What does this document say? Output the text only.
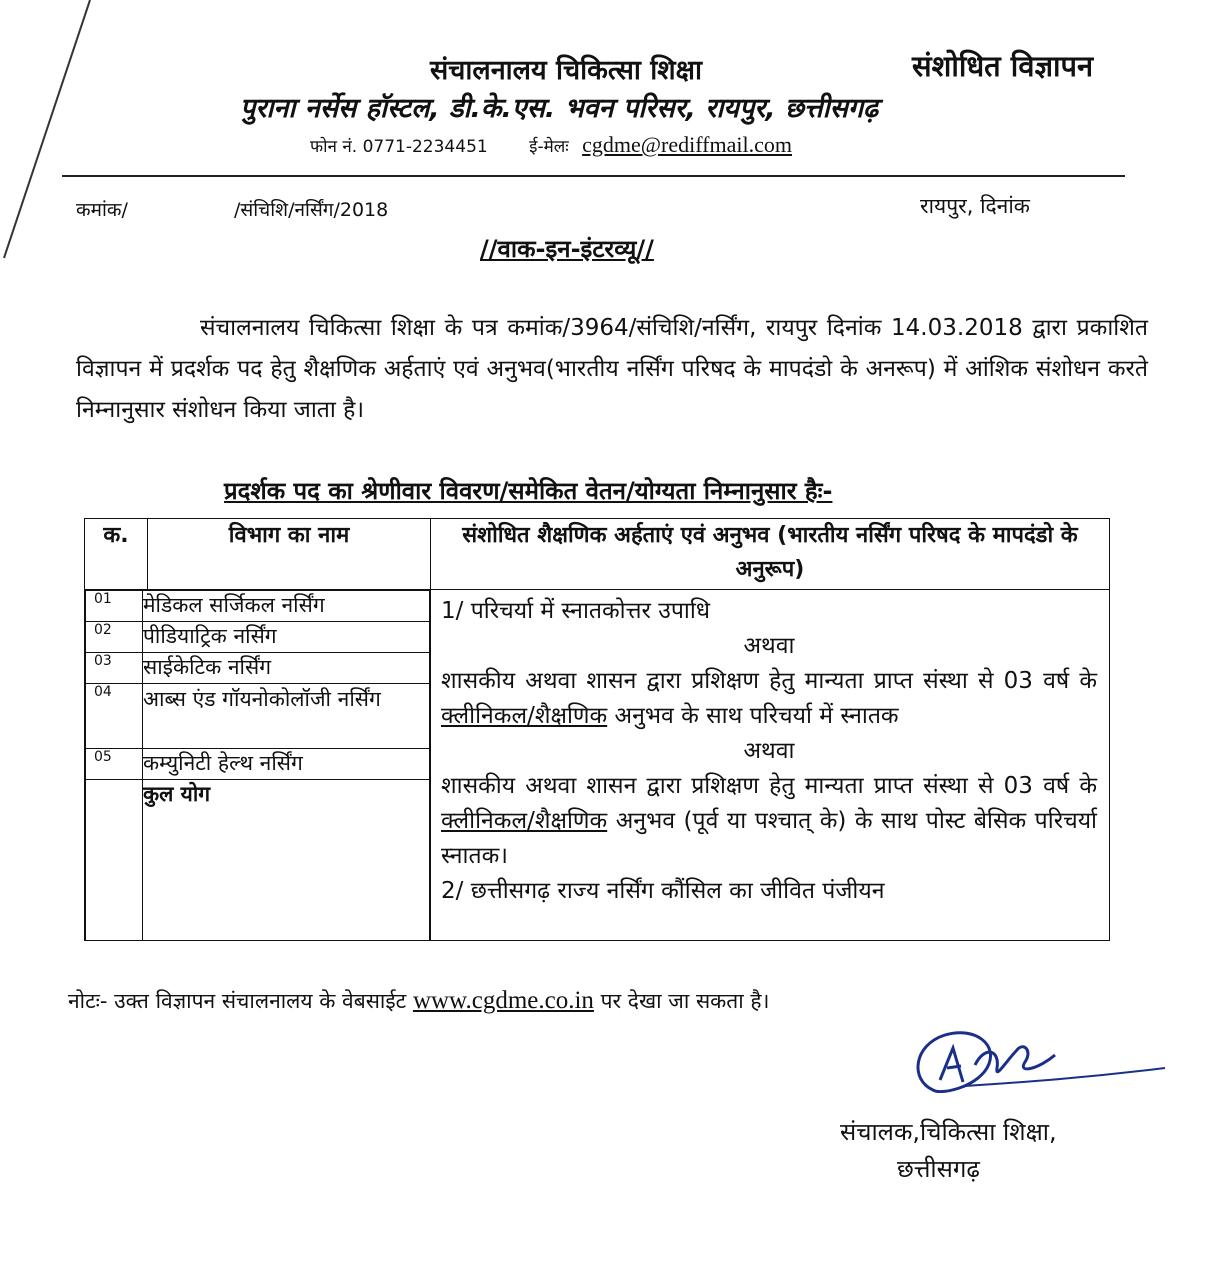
संचालनालय चिकित्सा शिक्षा	संशोधित विज्ञापन
पुराना नर्सेस हॉस्टल, डी.के.एस. भवन परिसर, रायपुर, छत्तीसगढ़
फोन नं. 0771-2234451 ई-मेलः cgdme@rediffmail.com
कमांक/	/संचिशि/नर्सिंग/2018	रायपुर, दिनांक
//वाक-इन-इंटरव्यू//

संचालनालय चिकित्सा शिक्षा के पत्र कमांक/3964/संचिशि/नर्सिंग, रायपुर दिनांक 14.03.2018 द्वारा प्रकाशित विज्ञापन में प्रदर्शक पद हेतु शैक्षणिक अर्हताएं एवं अनुभव(भारतीय नर्सिंग परिषद के मापदंडो के अनरूप) में आंशिक संशोधन करते निम्नानुसार संशोधन किया जाता है।

प्रदर्शक पद का श्रेणीवार विवरण/समेकित वेतन/योग्यता निम्नानुसार हैः-
क.	विभाग का नाम	संशोधित शैक्षणिक अर्हताएं एवं अनुभव (भारतीय नर्सिंग परिषद के मापदंडो के अनुरूप)

01	मेडिकल सर्जिकल नर्सिंग
02	पीडियाट्रिक नर्सिंग
03	साईकेटिक नर्सिंग
04	आब्स एंड गॉयनोकोलॉजी नर्सिंग
05	कम्युनिटी हेल्थ नर्सिंग
	कुल योग

1/ परिचर्या में स्नातकोत्तर उपाधि
अथवा
शासकीय अथवा शासन द्वारा प्रशिक्षण हेतु मान्यता प्राप्त संस्था से 03 वर्ष के क्लीनिकल/शैक्षणिक अनुभव के साथ परिचर्या में स्नातक
अथवा
शासकीय अथवा शासन द्वारा प्रशिक्षण हेतु मान्यता प्राप्त संस्था से 03 वर्ष के क्लीनिकल/शैक्षणिक अनुभव (पूर्व या पश्चात् के) के साथ पोस्ट बेसिक परिचर्या स्नातक।
2/ छत्तीसगढ़ राज्य नर्सिंग कौंसिल का जीवित पंजीयन
नोटः- उक्त विज्ञापन संचालनालय के वेबसाईट www.cgdme.co.in पर देखा जा सकता है।
संचालक,चिकित्सा शिक्षा,
छत्तीसगढ़
